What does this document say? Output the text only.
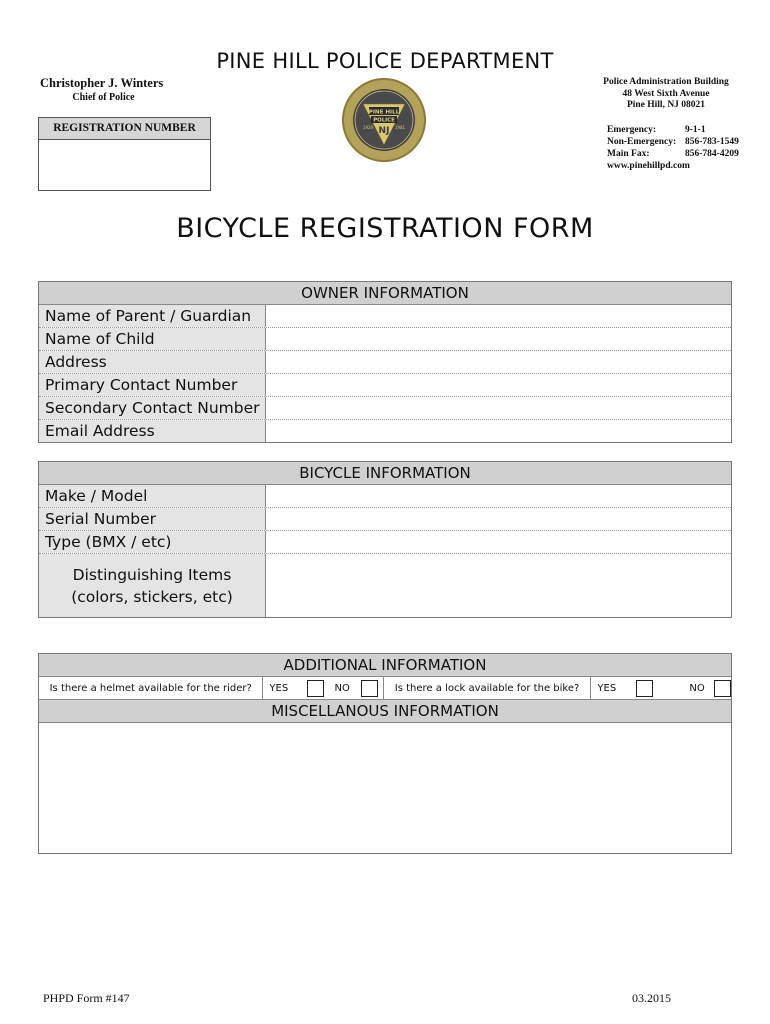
PINE HILL POLICE DEPARTMENT
Christopher J. Winters
Chief of Police
PINE HILL
POLICE
NJ
1929	1981
Police Administration Building
48 West Sixth Avenue
Pine Hill, NJ 08021
Emergency:	9-1-1
Non-Emergency: 856-783-1549
Main Fax:	856-784-4209
www.pinehillpd.com
REGISTRATION NUMBER
BICYCLE REGISTRATION FORM
OWNER INFORMATION
Name of Parent / Guardian
Name of Child
Address
Primary Contact Number
Secondary Contact Number
Email Address
BICYCLE INFORMATION
Make / Model
Serial Number
Type (BMX / etc)
Distinguishing Items
(colors, stickers, etc)
ADDITIONAL INFORMATION
Is there a helmet available for the rider?	YES	NO	Is there a lock available for the bike?	YES	NO
MISCELLANOUS INFORMATION
PHPD Form #147	03.2015
